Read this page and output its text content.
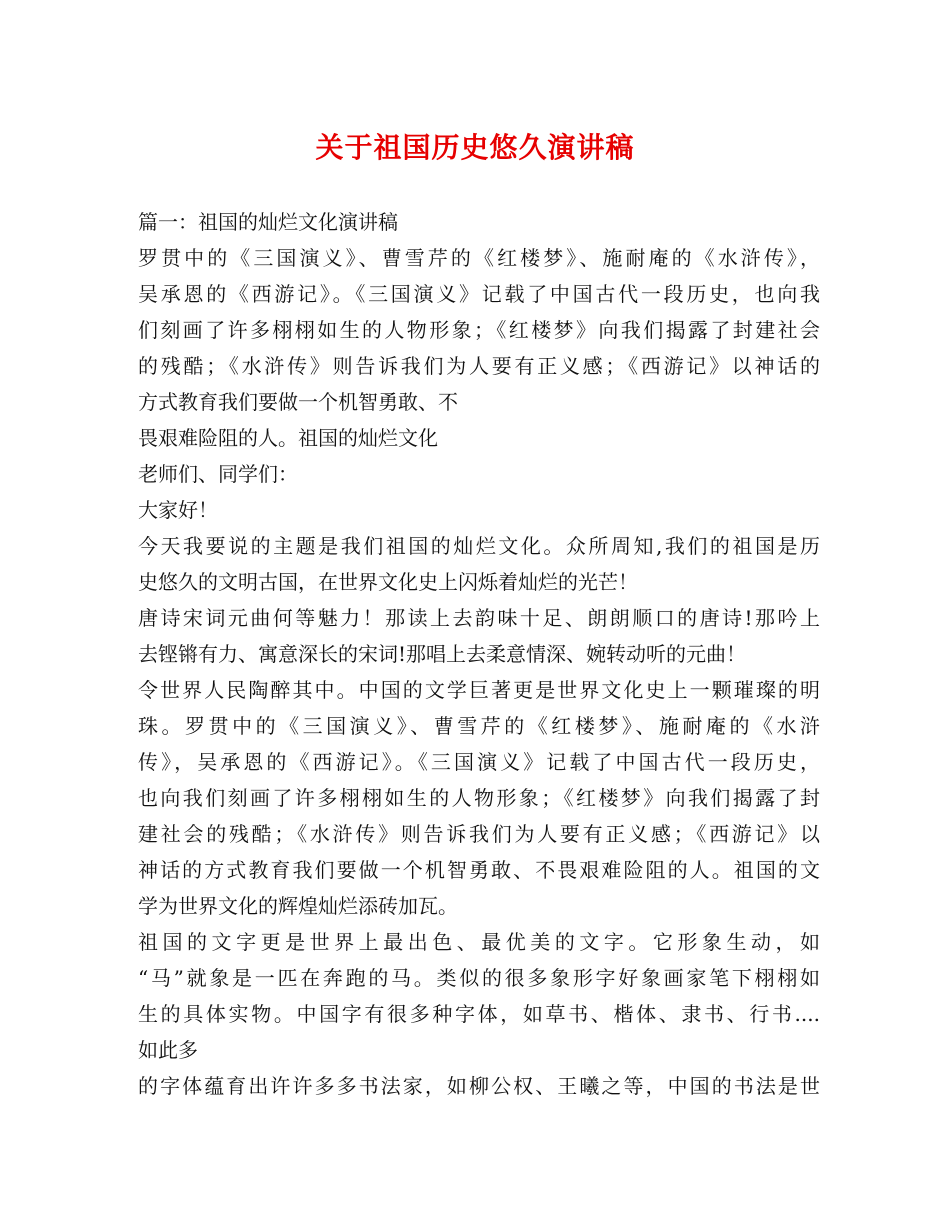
关于祖国历史悠久演讲稿

篇一：祖国的灿烂文化演讲稿

罗贯中的《三国演义》、曹雪芹的《红楼梦》、施耐庵的《水浒传》，

吴承恩的《西游记》。《三国演义》记载了中国古代一段历史，也向我

们刻画了许多栩栩如生的人物形象；《红楼梦》向我们揭露了封建社会

的残酷；《水浒传》则告诉我们为人要有正义感；《西游记》以神话的

方式教育我们要做一个机智勇敢、不

畏艰难险阻的人。祖国的灿烂文化

老师们、同学们：

大家好！

今天我要说的主题是我们祖国的灿烂文化。众所周知,我们的祖国是历

史悠久的文明古国，在世界文化史上闪烁着灿烂的光芒！

唐诗宋词元曲何等魅力！那读上去韵味十足、朗朗顺口的唐诗!那吟上

去铿锵有力、寓意深长的宋词!那唱上去柔意情深、婉转动听的元曲！

令世界人民陶醉其中。中国的文学巨著更是世界文化史上一颗璀璨的明

珠。罗贯中的《三国演义》、曹雪芹的《红楼梦》、施耐庵的《水浒

传》，吴承恩的《西游记》。《三国演义》记载了中国古代一段历史，

也向我们刻画了许多栩栩如生的人物形象；《红楼梦》向我们揭露了封

建社会的残酷；《水浒传》则告诉我们为人要有正义感；《西游记》以

神话的方式教育我们要做一个机智勇敢、不畏艰难险阻的人。祖国的文

学为世界文化的辉煌灿烂添砖加瓦。

祖国的文字更是世界上最出色、最优美的文字。它形象生动，如

“马”就象是一匹在奔跑的马。类似的很多象形字好象画家笔下栩栩如

生的具体实物。中国字有很多种字体，如草书、楷体、隶书、行书....

如此多

的字体蕴育出许许多多书法家，如柳公权、王曦之等，中国的书法是世
